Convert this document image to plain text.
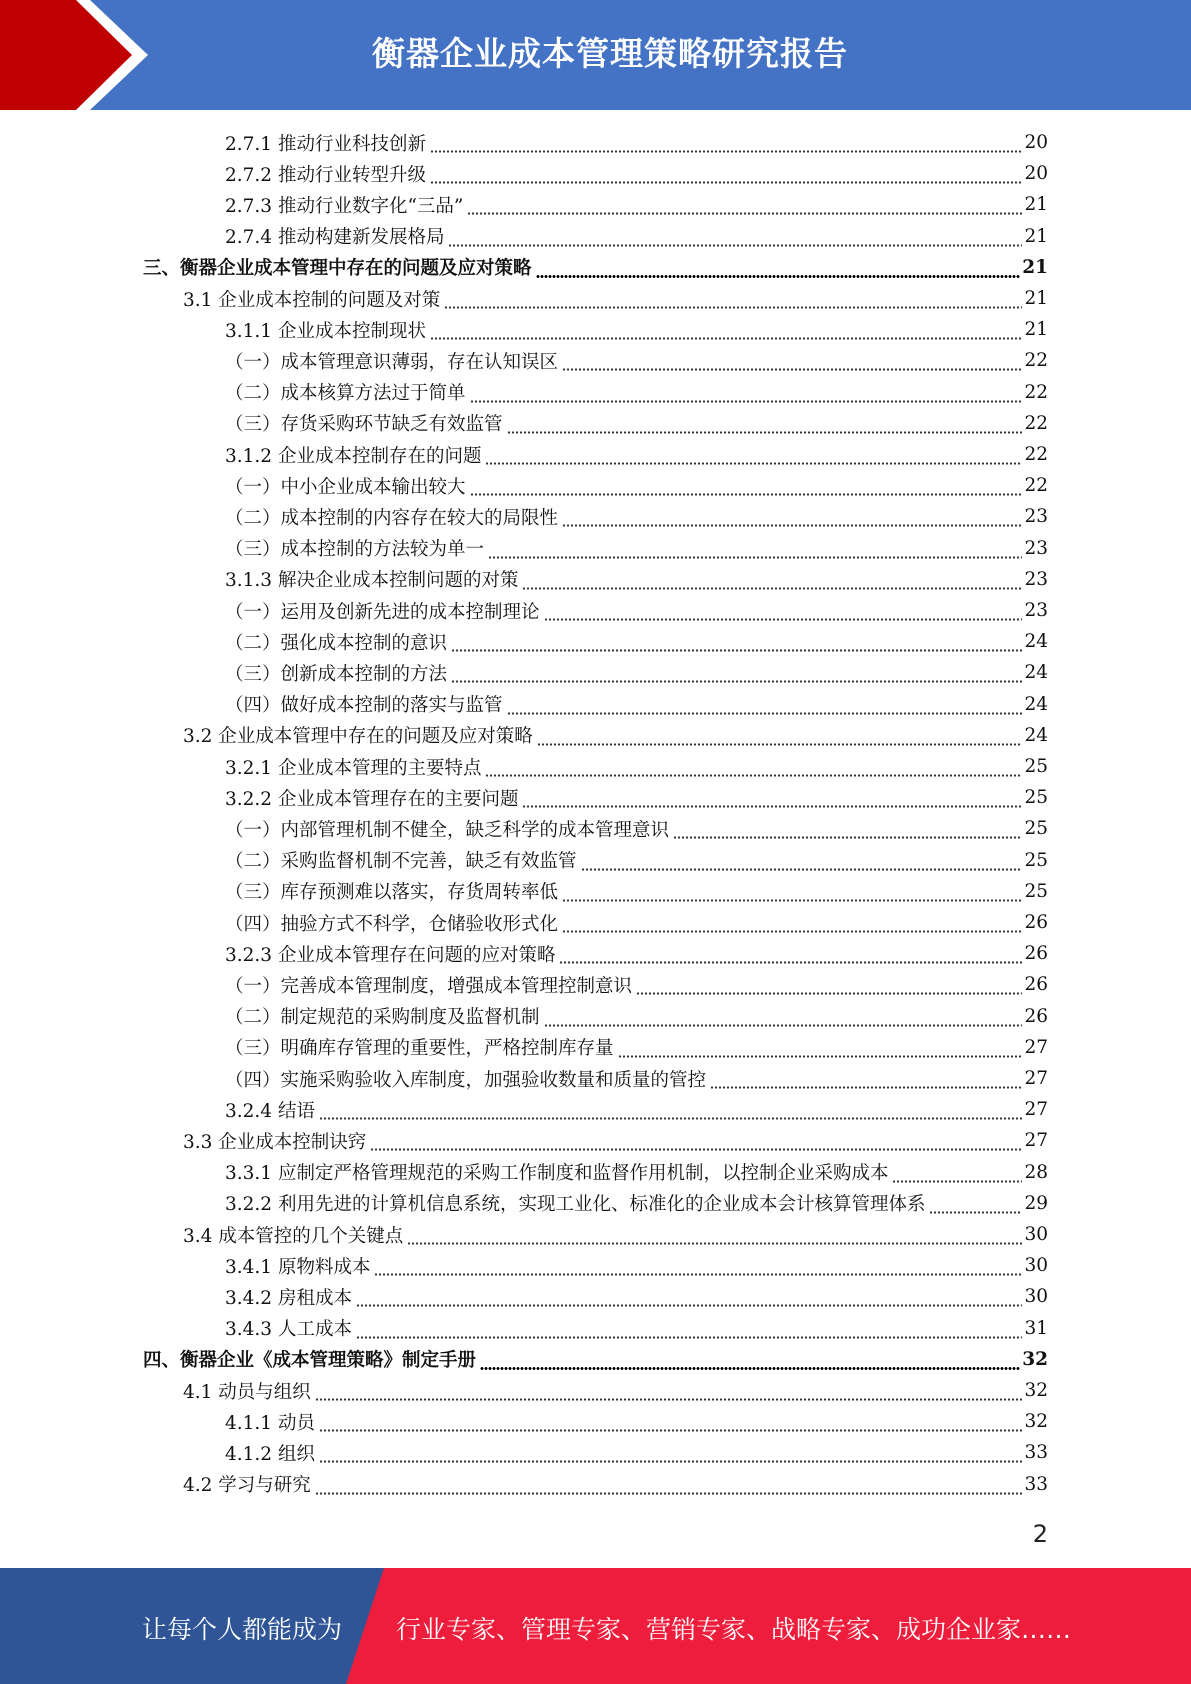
衡器企业成本管理策略研究报告
2.7.1 推动行业科技创新	20
2.7.2 推动行业转型升级	20
2.7.3 推动行业数字化“三品”	21
2.7.4 推动构建新发展格局	21
三、衡器企业成本管理中存在的问题及应对策略	21
3.1 企业成本控制的问题及对策	21
3.1.1 企业成本控制现状	21
（一）成本管理意识薄弱，存在认知误区	22
（二）成本核算方法过于简单	22
（三）存货采购环节缺乏有效监管	22
3.1.2 企业成本控制存在的问题	22
（一）中小企业成本输出较大	22
（二）成本控制的内容存在较大的局限性	23
（三）成本控制的方法较为单一	23
3.1.3 解决企业成本控制问题的对策	23
（一）运用及创新先进的成本控制理论	23
（二）强化成本控制的意识	24
（三）创新成本控制的方法	24
（四）做好成本控制的落实与监管	24
3.2 企业成本管理中存在的问题及应对策略	24
3.2.1 企业成本管理的主要特点	25
3.2.2 企业成本管理存在的主要问题	25
（一）内部管理机制不健全，缺乏科学的成本管理意识	25
（二）采购监督机制不完善，缺乏有效监管	25
（三）库存预测难以落实，存货周转率低	25
（四）抽验方式不科学，仓储验收形式化	26
3.2.3 企业成本管理存在问题的应对策略	26
（一）完善成本管理制度，增强成本管理控制意识	26
（二）制定规范的采购制度及监督机制	26
（三）明确库存管理的重要性，严格控制库存量	27
（四）实施采购验收入库制度，加强验收数量和质量的管控	27
3.2.4 结语	27
3.3 企业成本控制诀窍	27
3.3.1 应制定严格管理规范的采购工作制度和监督作用机制，以控制企业采购成本	28
3.2.2 利用先进的计算机信息系统，实现工业化、标准化的企业成本会计核算管理体系	29
3.4 成本管控的几个关键点	30
3.4.1 原物料成本	30
3.4.2 房租成本	30
3.4.3 人工成本	31
四、衡器企业《成本管理策略》制定手册	32
4.1 动员与组织	32
4.1.1 动员	32
4.1.2 组织	33
4.2 学习与研究	33
2
让每个人都能成为 行业专家、管理专家、营销专家、战略专家、成功企业家……
